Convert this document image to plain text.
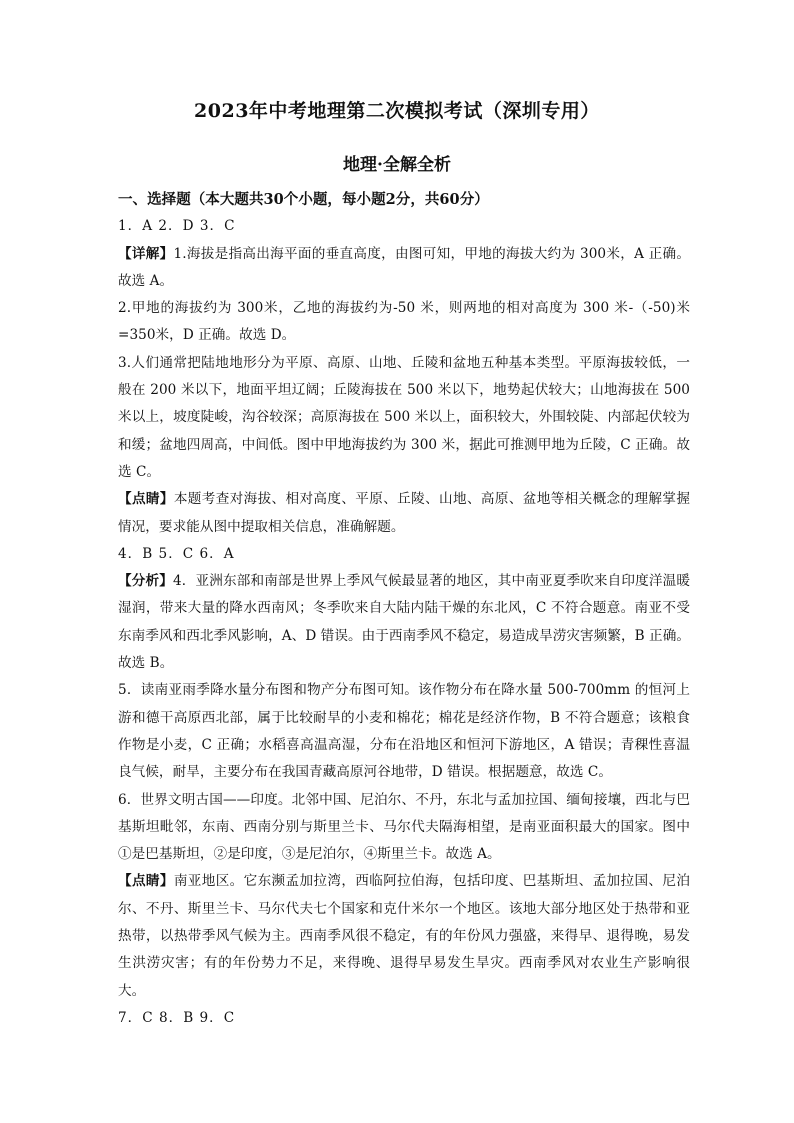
2023年中考地理第二次模拟考试（深圳专用）
地理·全解全析

一、选择题（本大题共30个小题，每小题2分，共60分）

1．A 2．D 3．C

【详解】1.海拔是指高出海平面的垂直高度，由图可知，甲地的海拔大约为 300米，A 正确。故选 A。

2.甲地的海拔约为 300米，乙地的海拔约为-50 米，则两地的相对高度为 300 米-（-50)米=350米，D 正确。故选 D。

3.人们通常把陆地地形分为平原、高原、山地、丘陵和盆地五种基本类型。平原海拔较低，一般在 200 米以下，地面平坦辽阔；丘陵海拔在 500 米以下，地势起伏较大；山地海拔在 500米以上，坡度陡峻，沟谷较深；高原海拔在 500 米以上，面积较大，外围较陡、内部起伏较为和缓；盆地四周高，中间低。图中甲地海拔约为 300 米，据此可推测甲地为丘陵，C 正确。故选 C。

【点睛】本题考查对海拔、相对高度、平原、丘陵、山地、高原、盆地等相关概念的理解掌握情况，要求能从图中提取相关信息，准确解题。

4．B 5．C 6．A

【分析】4．亚洲东部和南部是世界上季风气候最显著的地区，其中南亚夏季吹来自印度洋温暖湿润，带来大量的降水西南风；冬季吹来自大陆内陆干燥的东北风，C 不符合题意。南亚不受东南季风和西北季风影响，A、D 错误。由于西南季风不稳定，易造成旱涝灾害频繁，B 正确。故选 B。

5．读南亚雨季降水量分布图和物产分布图可知。该作物分布在降水量 500-700mm 的恒河上游和德干高原西北部，属于比较耐旱的小麦和棉花；棉花是经济作物，B 不符合题意；该粮食作物是小麦，C 正确；水稻喜高温高湿，分布在沿地区和恒河下游地区，A 错误；青稞性喜温良气候，耐旱，主要分布在我国青藏高原河谷地带，D 错误。根据题意，故选 C。

6．世界文明古国——印度。北邻中国、尼泊尔、不丹，东北与孟加拉国、缅甸接壤，西北与巴基斯坦毗邻，东南、西南分别与斯里兰卡、马尔代夫隔海相望，是南亚面积最大的国家。图中①是巴基斯坦，②是印度，③是尼泊尔，④斯里兰卡。故选 A。

【点睛】南亚地区。它东濒孟加拉湾，西临阿拉伯海，包括印度、巴基斯坦、孟加拉国、尼泊尔、不丹、斯里兰卡、马尔代夫七个国家和克什米尔一个地区。该地大部分地区处于热带和亚热带，以热带季风气候为主。西南季风很不稳定，有的年份风力强盛，来得早、退得晚，易发生洪涝灾害；有的年份势力不足，来得晚、退得早易发生旱灾。西南季风对农业生产影响很大。

7．C 8．B 9．C
